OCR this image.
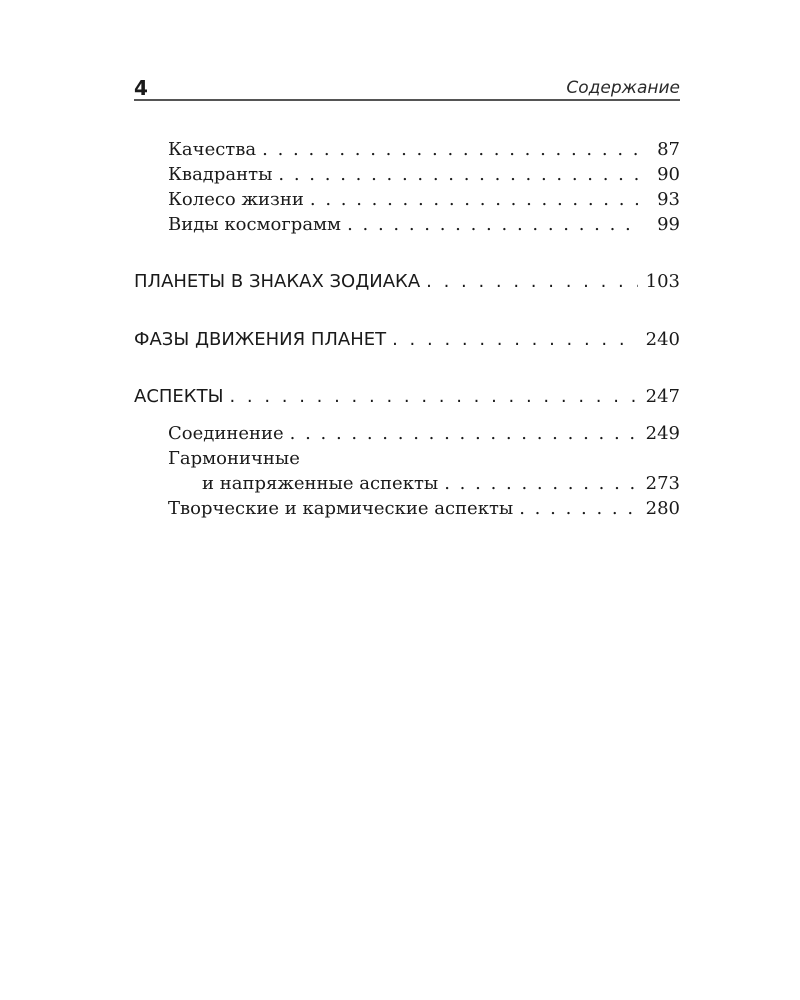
4	Содержание
Качества . . .	87
Квадранты . . .	90
Колесо жизни . . .	93
Виды космограмм . . .	99
ПЛАНЕТЫ В ЗНАКАХ ЗОДИАКА . . .	103
ФАЗЫ ДВИЖЕНИЯ ПЛАНЕТ . . .	240
АСПЕКТЫ . . .	247
Соединение . . .	249
Гармоничные
и напряженные аспекты . . .	273
Творческие и кармические аспекты . . .	280
